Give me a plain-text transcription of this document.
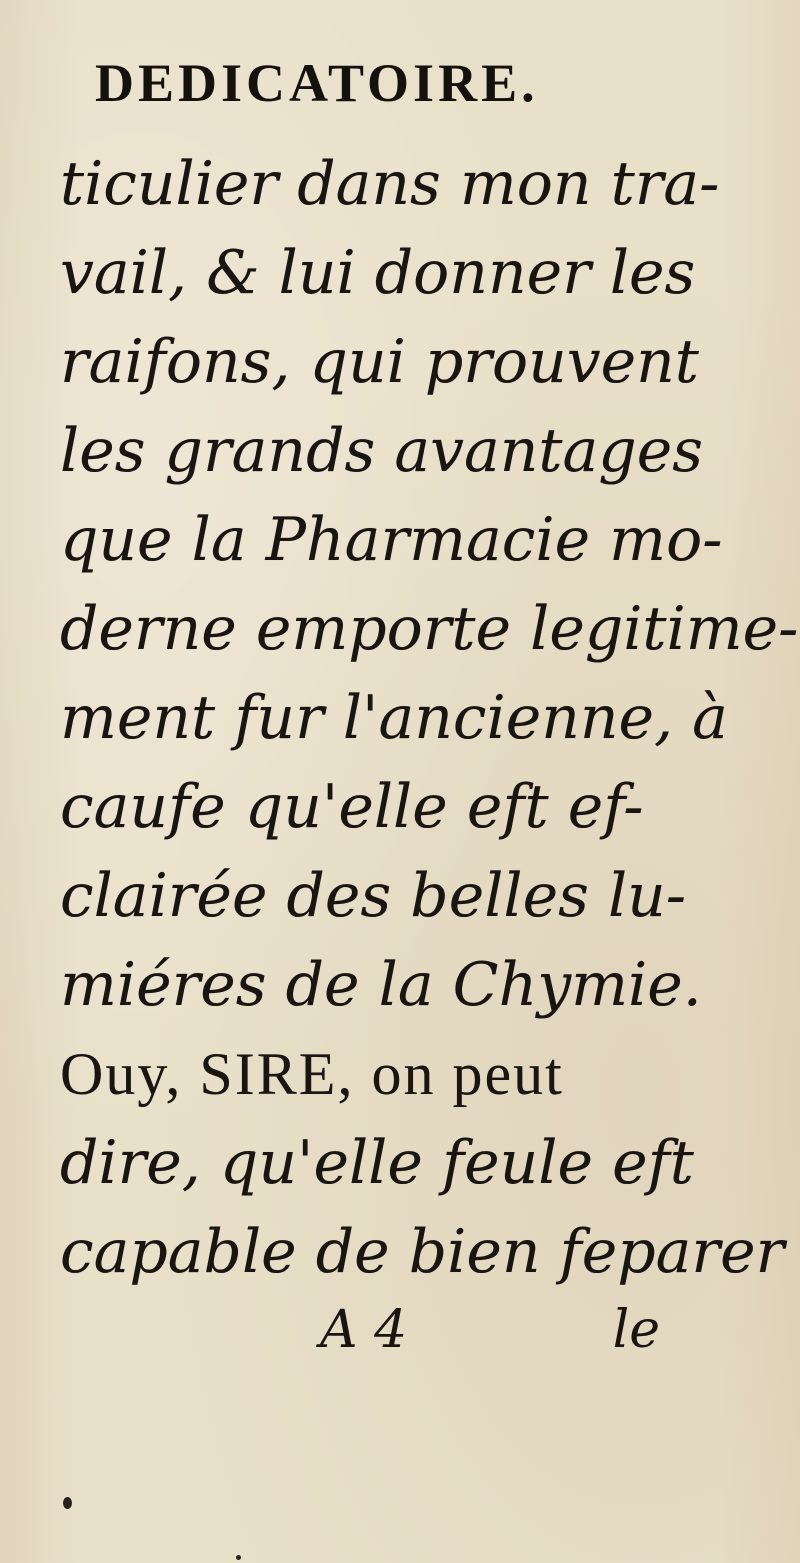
DEDICATOIRE.
ticulier dans mon tra-
vail, & lui donner les
raifons, qui prouvent
les grands avantages
que la Pharmacie mo-
derne emporte legitime-
ment fur l'ancienne, à
caufe qu'elle eft ef-
clairée des belles lu-
miéres de la Chymie.
Ouy, SIRE, on peut
dire, qu'elle feule eft
capable de bien feparer
A 4	le
